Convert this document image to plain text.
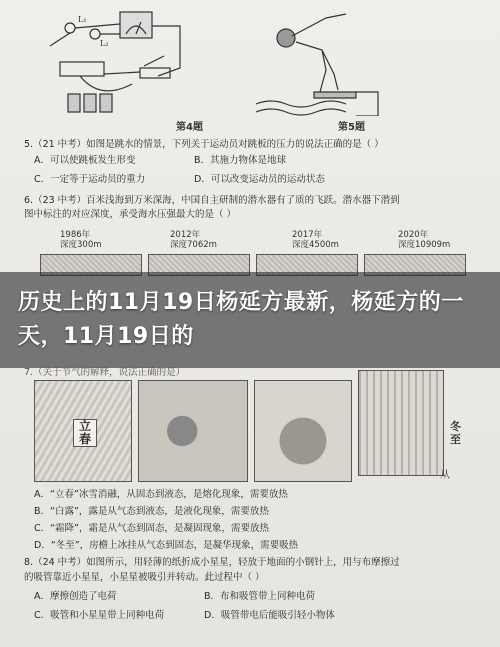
L₁
L₂
第4题	第5题
5.（21 中考）如图是跳水的情景，下列关于运动员对跳板的压力的说法正确的是（ ）
A．可以使跳板发生形变	B．其施力物体是地球
C．一定等于运动员的重力	D．可以改变运动员的运动状态
6.（23 中考）百米浅海到万米深海，中国自主研制的潜水器有了质的飞跃。潜水器下潜到
图中标注的对应深度，承受海水压强最大的是（ ）
1986年
深度300m
2012年
深度7062m
2017年
深度4500m
2020年
深度10909m
历史上的11月19日杨延方最新，杨延方的一天，11月19日的
7.（关于节气的解释，说法正确的是）
立春
冬至
从
A．“立春”冰雪消融，从固态到液态，是熔化现象，需要放热
B．“白露”，露是从气态到液态，是液化现象，需要放热
C．“霜降”，霜是从气态到固态，是凝固现象，需要放热
D．“冬至”，房檐上冰挂从气态到固态，是凝华现象，需要吸热
8.（24 中考）如图所示，用轻薄的纸折成小星星，轻放于地面的小钢针上，用与布摩擦过
的吸管靠近小星星，小星星被吸引并转动。此过程中（ ）
A．摩擦创造了电荷	B．布和吸管带上同种电荷
C．吸管和小星星带上同种电荷	D．吸管带电后能吸引轻小物体
